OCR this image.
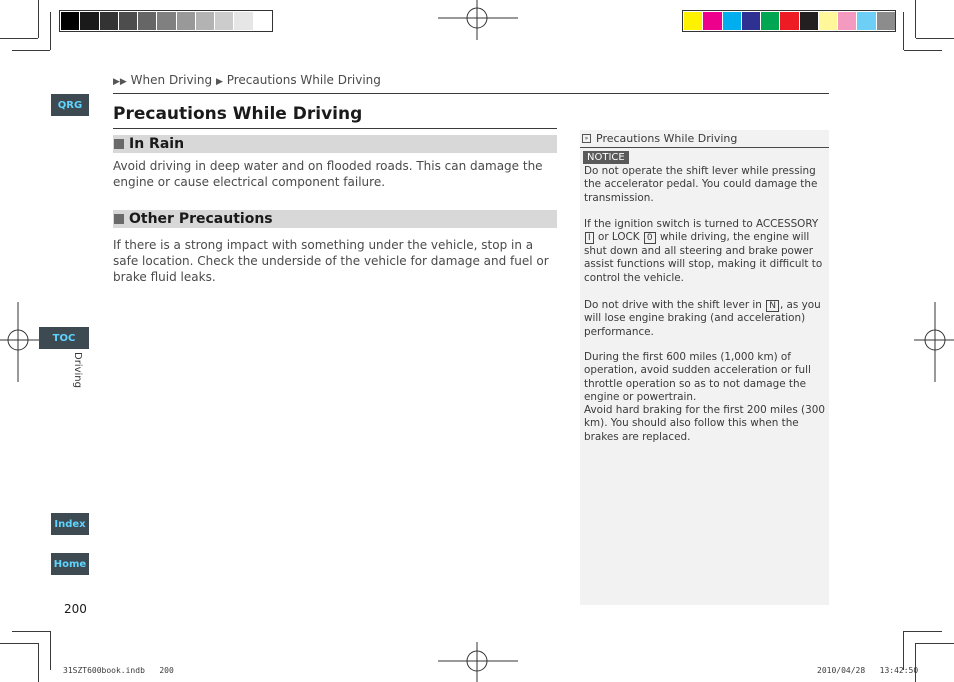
▶▶ When Driving ▶ Precautions While Driving
Precautions While Driving
In Rain
Avoid driving in deep water and on flooded roads. This can damage the engine or cause electrical component failure.
Other Precautions
If there is a strong impact with something under the vehicle, stop in a safe location. Check the underside of the vehicle for damage and fuel or brake fluid leaks.
» Precautions While Driving
NOTICE
Do not operate the shift lever while pressing the accelerator pedal. You could damage the transmission.
If the ignition switch is turned to ACCESSORY I or LOCK 0 while driving, the engine will shut down and all steering and brake power assist functions will stop, making it difficult to control the vehicle.
Do not drive with the shift lever in N , as you will lose engine braking (and acceleration) performance.
During the first 600 miles (1,000 km) of operation, avoid sudden acceleration or full throttle operation so as to not damage the engine or powertrain.
Avoid hard braking for the first 200 miles (300 km). You should also follow this when the brakes are replaced.
QRG
TOC
Driving
Index
Home
200
31SZT600book.indb 200	2010/04/28 13:42:50
